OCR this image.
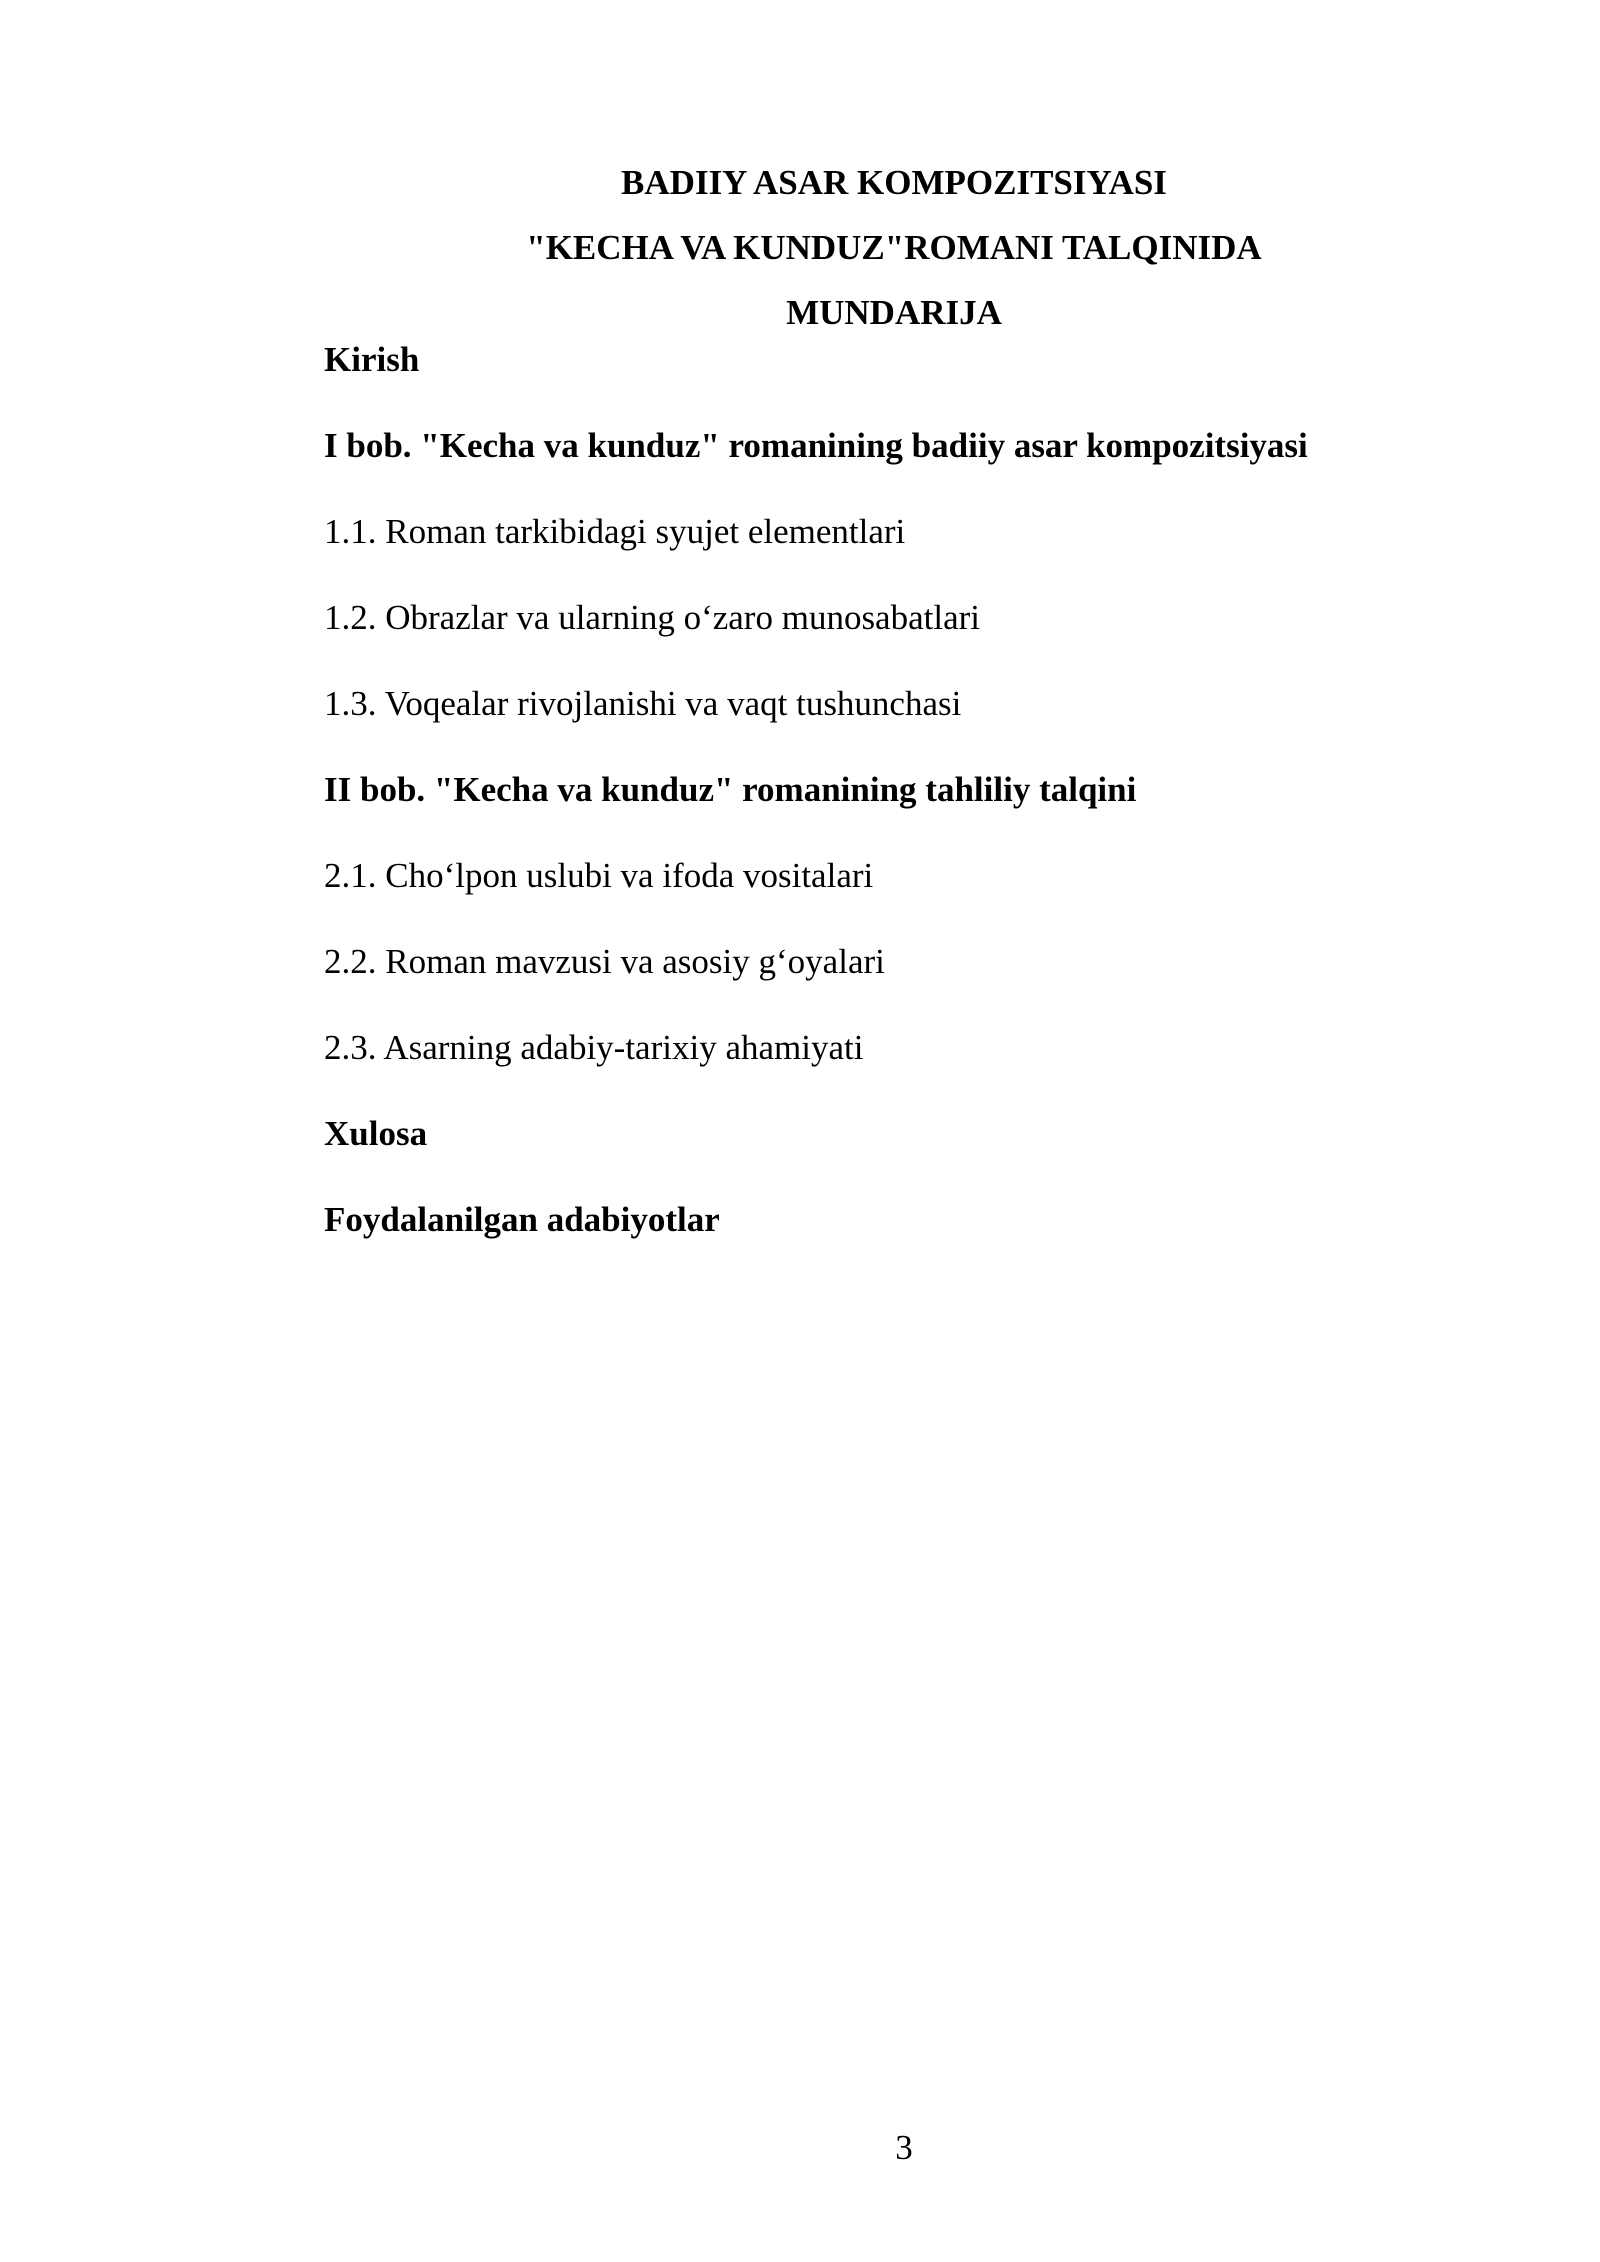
BADIIY ASAR KOMPOZITSIYASI
"KECHA VA KUNDUZ"ROMANI TALQINIDA
MUNDARIJA
Kirish
I bob. "Kecha va kunduz" romanining badiiy asar kompozitsiyasi
1.1. Roman tarkibidagi syujet elementlari
1.2. Obrazlar va ularning o‘zaro munosabatlari
1.3. Voqealar rivojlanishi va vaqt tushunchasi
II bob. "Kecha va kunduz" romanining tahliliy talqini
2.1. Cho‘lpon uslubi va ifoda vositalari
2.2. Roman mavzusi va asosiy g‘oyalari
2.3. Asarning adabiy-tarixiy ahamiyati
Xulosa
Foydalanilgan adabiyotlar
3
